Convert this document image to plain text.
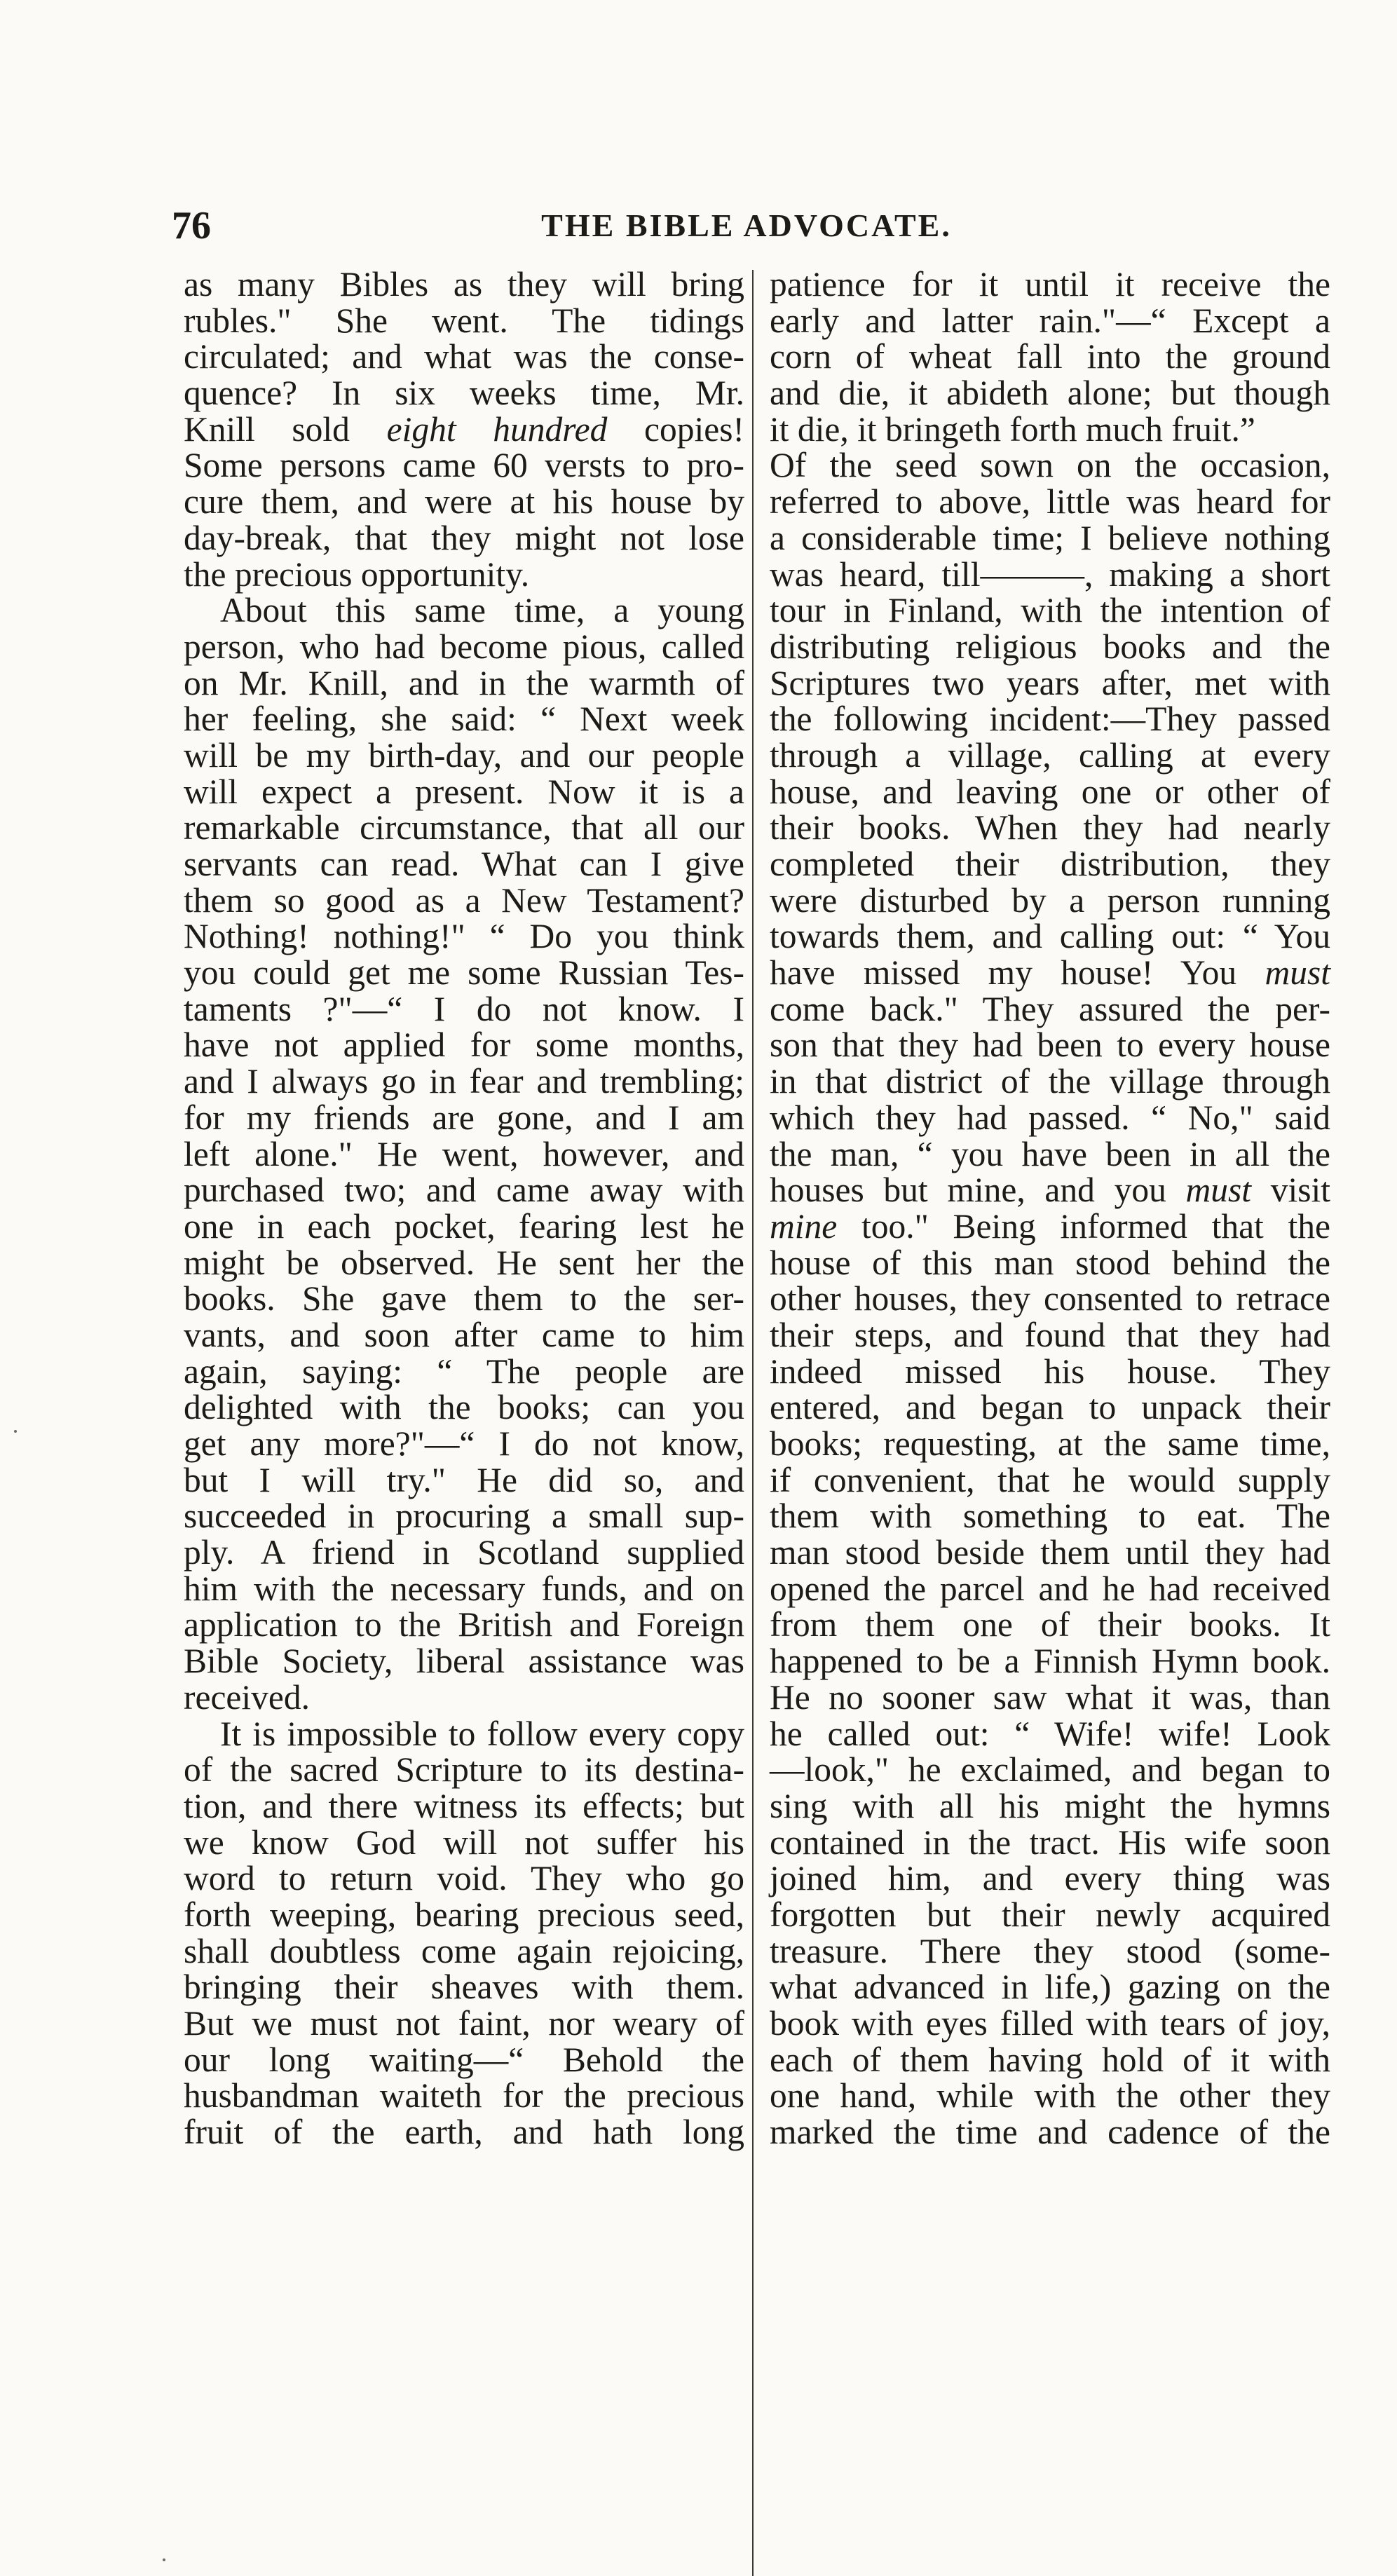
76	THE BIBLE ADVOCATE.
as many Bibles as they will bring
rubles." She went. The tidings
circulated; and what was the conse-
quence? In six weeks time, Mr.
Knill sold eight hundred copies!
Some persons came 60 versts to pro-
cure them, and were at his house by
day-break, that they might not lose
the precious opportunity.
About this same time, a young
person, who had become pious, called
on Mr. Knill, and in the warmth of
her feeling, she said: “ Next week
will be my birth-day, and our people
will expect a present. Now it is a
remarkable circumstance, that all our
servants can read. What can I give
them so good as a New Testament?
Nothing! nothing!" “ Do you think
you could get me some Russian Tes-
taments ?"—“ I do not know. I
have not applied for some months,
and I always go in fear and trembling;
for my friends are gone, and I am
left alone." He went, however, and
purchased two; and came away with
one in each pocket, fearing lest he
might be observed. He sent her the
books. She gave them to the ser-
vants, and soon after came to him
again, saying: “ The people are
delighted with the books; can you
get any more?"—“ I do not know,
but I will try." He did so, and
succeeded in procuring a small sup-
ply. A friend in Scotland supplied
him with the necessary funds, and on
application to the British and Foreign
Bible Society, liberal assistance was
received.
It is impossible to follow every copy
of the sacred Scripture to its destina-
tion, and there witness its effects; but
we know God will not suffer his
word to return void. They who go
forth weeping, bearing precious seed,
shall doubtless come again rejoicing,
bringing their sheaves with them.
But we must not faint, nor weary of
our long waiting—“ Behold the
husbandman waiteth for the precious
fruit of the earth, and hath long
patience for it until it receive the
early and latter rain."—“ Except a
corn of wheat fall into the ground
and die, it abideth alone; but though
it die, it bringeth forth much fruit.”
Of the seed sown on the occasion,
referred to above, little was heard for
a considerable time; I believe nothing
was heard, till———, making a short
tour in Finland, with the intention of
distributing religious books and the
Scriptures two years after, met with
the following incident:—They passed
through a village, calling at every
house, and leaving one or other of
their books. When they had nearly
completed their distribution, they
were disturbed by a person running
towards them, and calling out: “ You
have missed my house! You must
come back." They assured the per-
son that they had been to every house
in that district of the village through
which they had passed. “ No," said
the man, “ you have been in all the
houses but mine, and you must visit
mine too." Being informed that the
house of this man stood behind the
other houses, they consented to retrace
their steps, and found that they had
indeed missed his house. They
entered, and began to unpack their
books; requesting, at the same time,
if convenient, that he would supply
them with something to eat. The
man stood beside them until they had
opened the parcel and he had received
from them one of their books. It
happened to be a Finnish Hymn book.
He no sooner saw what it was, than
he called out: “ Wife! wife! Look
—look," he exclaimed, and began to
sing with all his might the hymns
contained in the tract. His wife soon
joined him, and every thing was
forgotten but their newly acquired
treasure. There they stood (some-
what advanced in life,) gazing on the
book with eyes filled with tears of joy,
each of them having hold of it with
one hand, while with the other they
marked the time and cadence of the
